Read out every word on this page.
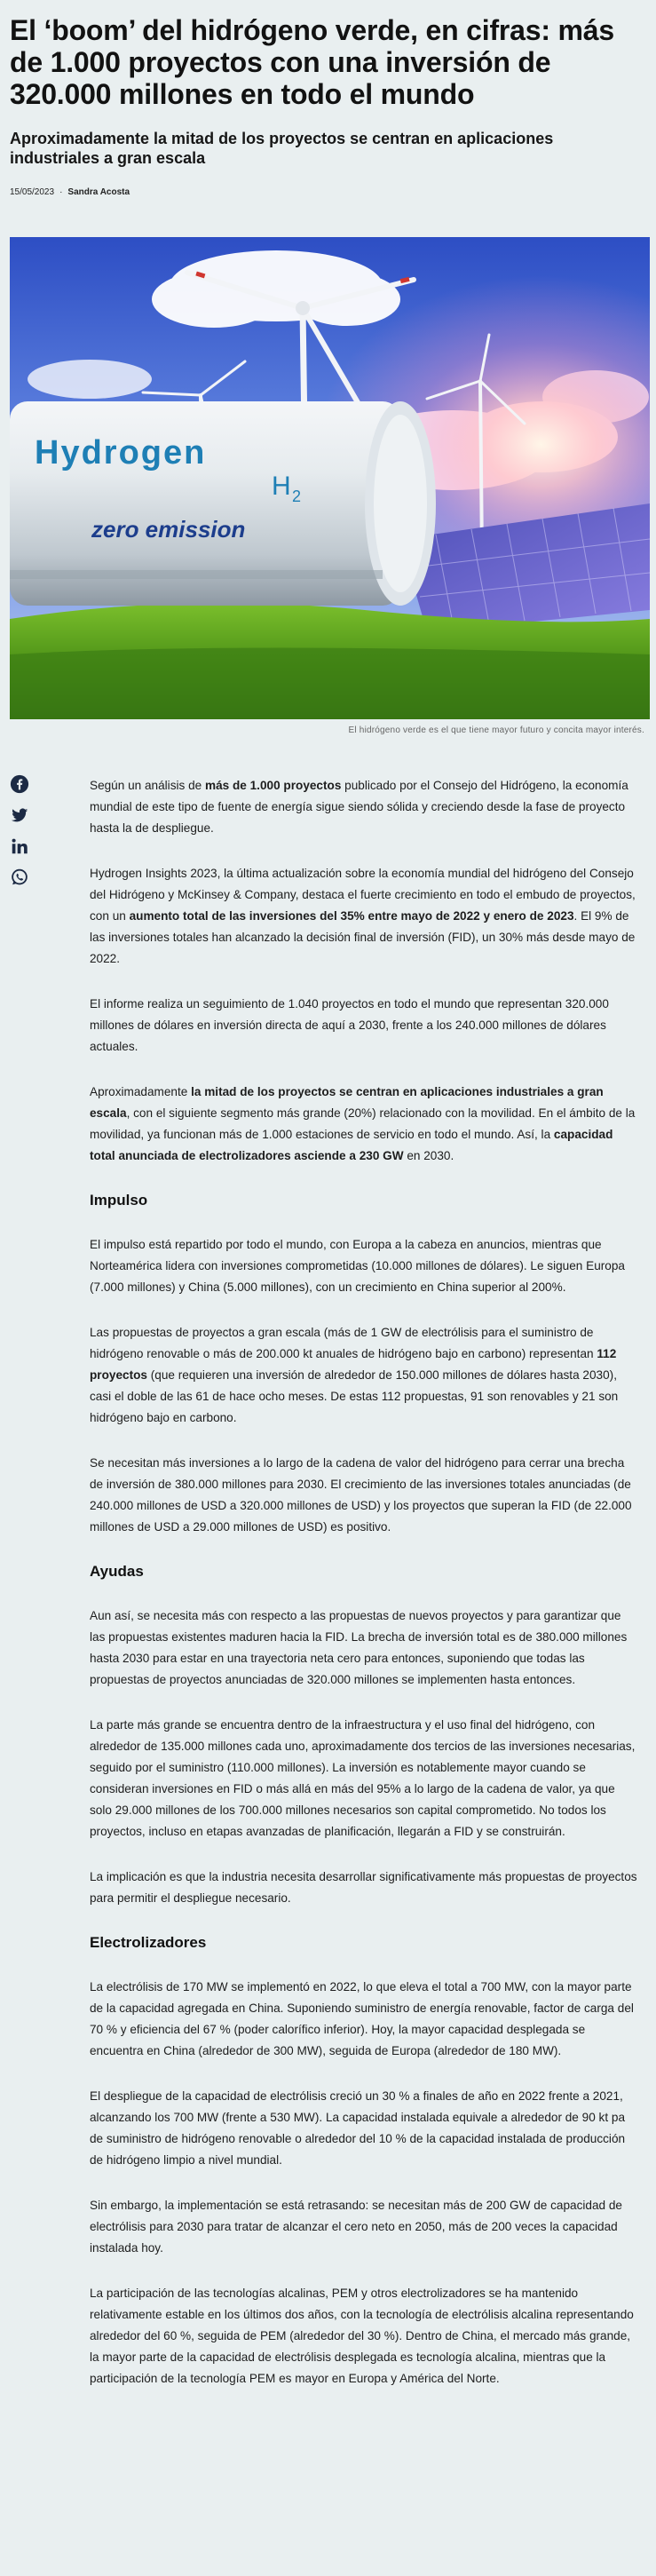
El ‘boom’ del hidrógeno verde, en cifras: más de 1.000 proyectos con una inversión de 320.000 millones en todo el mundo
Aproximadamente la mitad de los proyectos se centran en aplicaciones industriales a gran escala
15/05/2023 · Sandra Acosta
Hydrogen
H 2
zero emission
El hidrógeno verde es el que tiene mayor futuro y concita mayor interés.

Según un análisis de más de 1.000 proyectos publicado por el Consejo del Hidrógeno, la economía mundial de este tipo de fuente de energía sigue siendo sólida y creciendo desde la fase de proyecto hasta la de despliegue.

Hydrogen Insights 2023, la última actualización sobre la economía mundial del hidrógeno del Consejo del Hidrógeno y McKinsey & Company, destaca el fuerte crecimiento en todo el embudo de proyectos, con un aumento total de las inversiones del 35% entre mayo de 2022 y enero de 2023. El 9% de las inversiones totales han alcanzado la decisión final de inversión (FID), un 30% más desde mayo de 2022.

El informe realiza un seguimiento de 1.040 proyectos en todo el mundo que representan 320.000 millones de dólares en inversión directa de aquí a 2030, frente a los 240.000 millones de dólares actuales.

Aproximadamente la mitad de los proyectos se centran en aplicaciones industriales a gran escala, con el siguiente segmento más grande (20%) relacionado con la movilidad. En el ámbito de la movilidad, ya funcionan más de 1.000 estaciones de servicio en todo el mundo. Así, la capacidad total anunciada de electrolizadores asciende a 230 GW en 2030.

Impulso

El impulso está repartido por todo el mundo, con Europa a la cabeza en anuncios, mientras que Norteamérica lidera con inversiones comprometidas (10.000 millones de dólares). Le siguen Europa (7.000 millones) y China (5.000 millones), con un crecimiento en China superior al 200%.

Las propuestas de proyectos a gran escala (más de 1 GW de electrólisis para el suministro de hidrógeno renovable o más de 200.000 kt anuales de hidrógeno bajo en carbono) representan 112 proyectos (que requieren una inversión de alrededor de 150.000 millones de dólares hasta 2030), casi el doble de las 61 de hace ocho meses. De estas 112 propuestas, 91 son renovables y 21 son hidrógeno bajo en carbono.

Se necesitan más inversiones a lo largo de la cadena de valor del hidrógeno para cerrar una brecha de inversión de 380.000 millones para 2030. El crecimiento de las inversiones totales anunciadas (de 240.000 millones de USD a 320.000 millones de USD) y los proyectos que superan la FID (de 22.000 millones de USD a 29.000 millones de USD) es positivo.

Ayudas

Aun así, se necesita más con respecto a las propuestas de nuevos proyectos y para garantizar que las propuestas existentes maduren hacia la FID. La brecha de inversión total es de 380.000 millones hasta 2030 para estar en una trayectoria neta cero para entonces, suponiendo que todas las propuestas de proyectos anunciadas de 320.000 millones se implementen hasta entonces.

La parte más grande se encuentra dentro de la infraestructura y el uso final del hidrógeno, con alrededor de 135.000 millones cada uno, aproximadamente dos tercios de las inversiones necesarias, seguido por el suministro (110.000 millones). La inversión es notablemente mayor cuando se consideran inversiones en FID o más allá en más del 95% a lo largo de la cadena de valor, ya que solo 29.000 millones de los 700.000 millones necesarios son capital comprometido. No todos los proyectos, incluso en etapas avanzadas de planificación, llegarán a FID y se construirán.

La implicación es que la industria necesita desarrollar significativamente más propuestas de proyectos para permitir el despliegue necesario.

Electrolizadores

La electrólisis de 170 MW se implementó en 2022, lo que eleva el total a 700 MW, con la mayor parte de la capacidad agregada en China. Suponiendo suministro de energía renovable, factor de carga del 70 % y eficiencia del 67 % (poder calorífico inferior). Hoy, la mayor capacidad desplegada se encuentra en China (alrededor de 300 MW), seguida de Europa (alrededor de 180 MW).

El despliegue de la capacidad de electrólisis creció un 30 % a finales de año en 2022 frente a 2021, alcanzando los 700 MW (frente a 530 MW). La capacidad instalada equivale a alrededor de 90 kt pa de suministro de hidrógeno renovable o alrededor del 10 % de la capacidad instalada de producción de hidrógeno limpio a nivel mundial.

Sin embargo, la implementación se está retrasando: se necesitan más de 200 GW de capacidad de electrólisis para 2030 para tratar de alcanzar el cero neto en 2050, más de 200 veces la capacidad instalada hoy.

La participación de las tecnologías alcalinas, PEM y otros electrolizadores se ha mantenido relativamente estable en los últimos dos años, con la tecnología de electrólisis alcalina representando alrededor del 60 %, seguida de PEM (alrededor del 30 %). Dentro de China, el mercado más grande, la mayor parte de la capacidad de electrólisis desplegada es tecnología alcalina, mientras que la participación de la tecnología PEM es mayor en Europa y América del Norte.
